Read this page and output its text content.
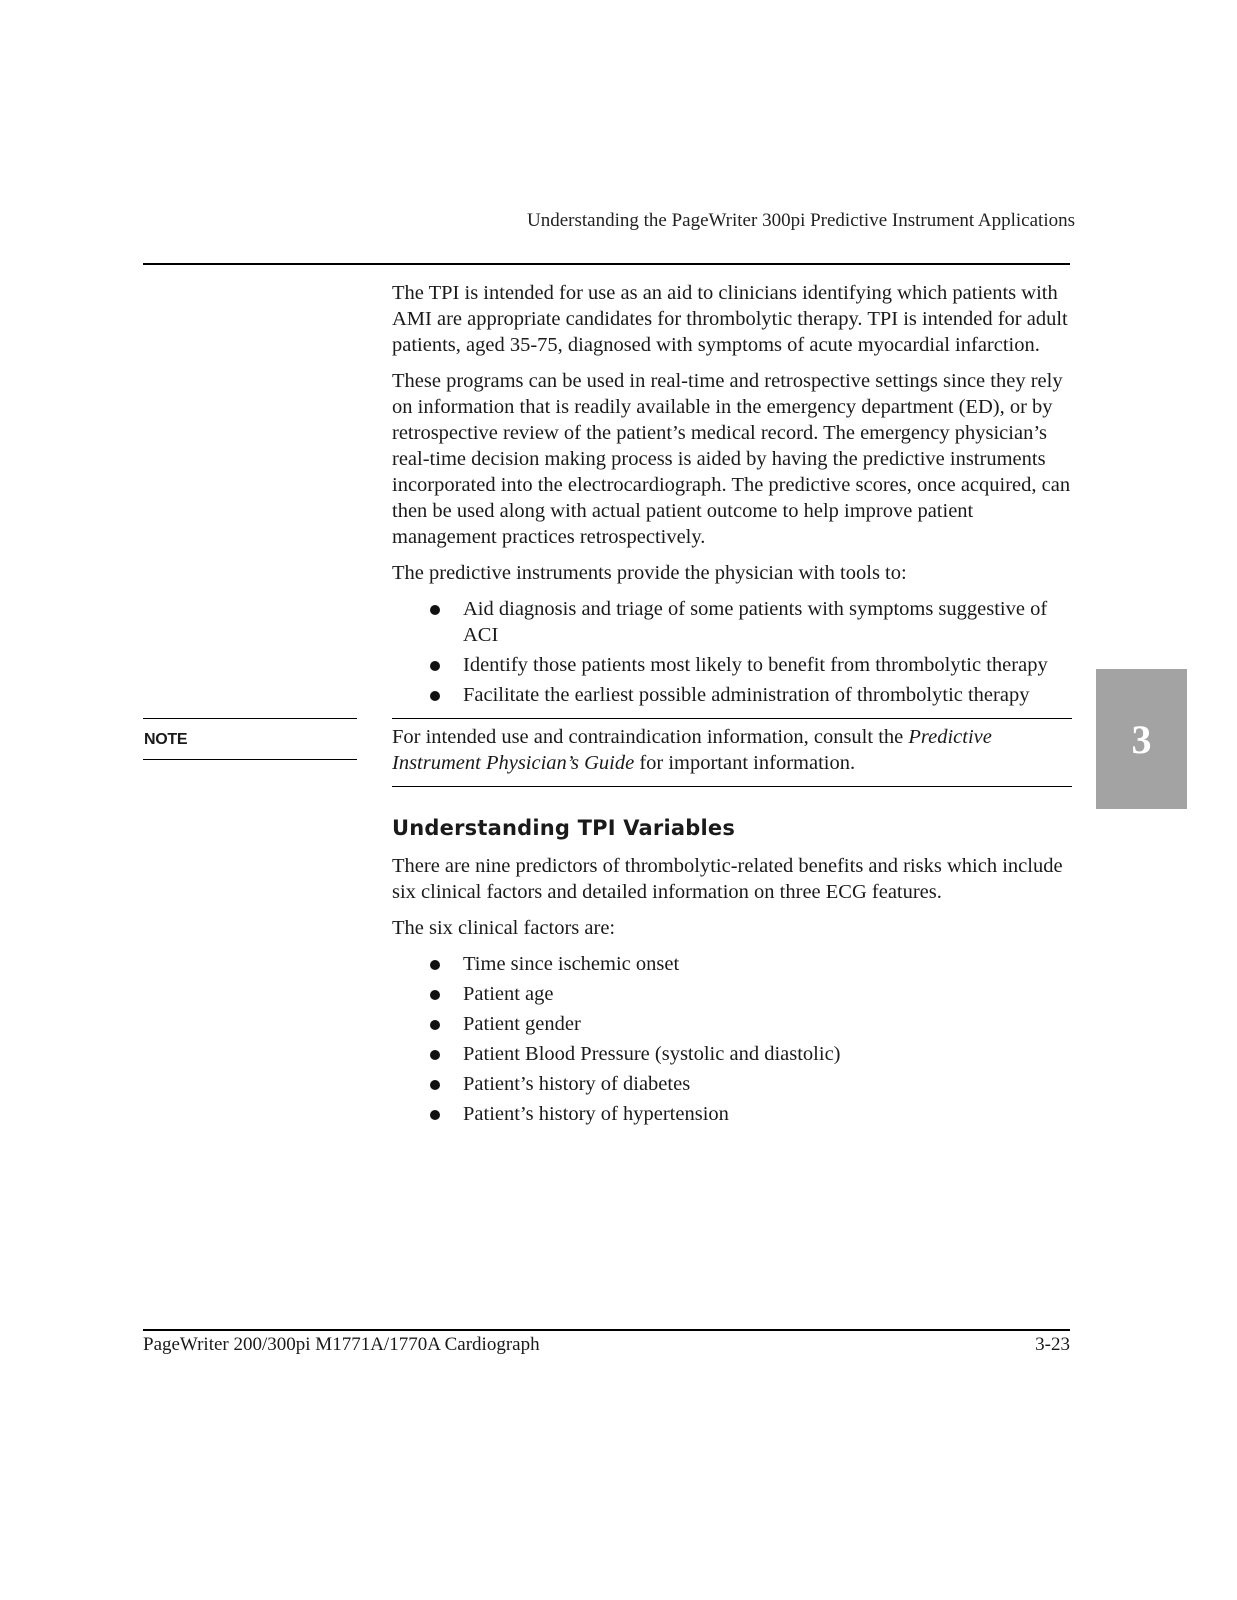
Understanding the PageWriter 300pi Predictive Instrument Applications

The TPI is intended for use as an aid to clinicians identifying which patients with AMI are appropriate candidates for thrombolytic therapy. TPI is intended for adult patients, aged 35-75, diagnosed with symptoms of acute myocardial infarction.

These programs can be used in real-time and retrospective settings since they rely on information that is readily available in the emergency department (ED), or by retrospective review of the patient’s medical record. The emergency physician’s real-time decision making process is aided by having the predictive instruments incorporated into the electrocardiograph. The predictive scores, once acquired, can then be used along with actual patient outcome to help improve patient management practices retrospectively.

The predictive instruments provide the physician with tools to:

Aid diagnosis and triage of some patients with symptoms suggestive of ACI
Identify those patients most likely to benefit from thrombolytic therapy
Facilitate the earliest possible administration of thrombolytic therapy
NOTE	For intended use and contraindication information, consult the Predictive Instrument Physician’s Guide for important information.
Understanding TPI Variables

There are nine predictors of thrombolytic-related benefits and risks which include six clinical factors and detailed information on three ECG features.

The six clinical factors are:

Time since ischemic onset
Patient age
Patient gender
Patient Blood Pressure (systolic and diastolic)
Patient’s history of diabetes
Patient’s history of hypertension
3
PageWriter 200/300pi M1771A/1770A Cardiograph	3-23
